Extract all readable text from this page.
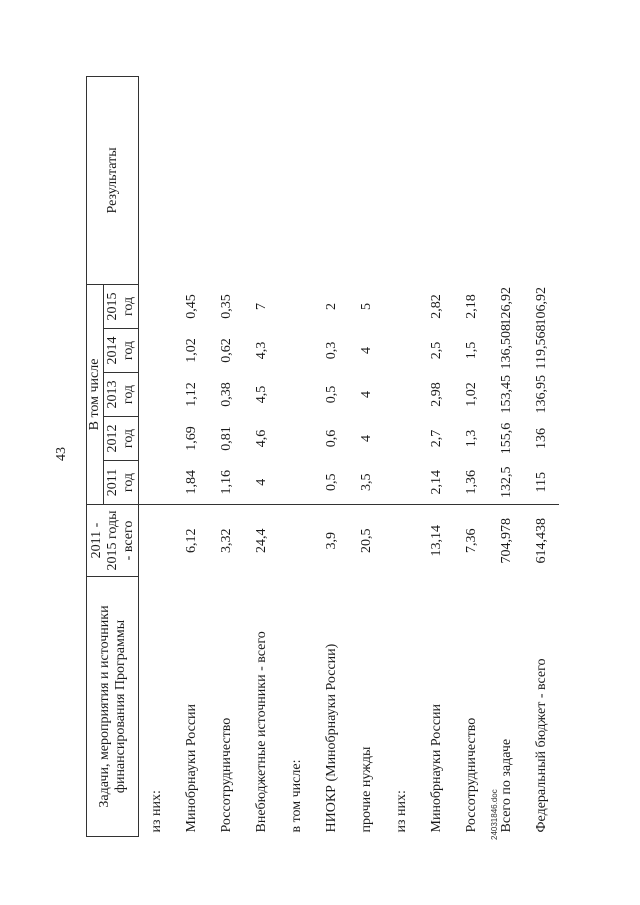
43
Задачи, мероприятия и источники финансирования Программы	2011 - 2015 годы - всего	В том числе					Результаты
		2011 год	2012 год	2013 год	2014 год	2015 год	
из них:							
Минобрнауки России	6,12	1,84	1,69	1,12	1,02	0,45	
Россотрудничество	3,32	1,16	0,81	0,38	0,62	0,35	
Внебюджетные источники - всего	24,4	4	4,6	4,5	4,3	7	
в том числе:							
НИОКР (Минобрнауки России)	3,9	0,5	0,6	0,5	0,3	2	
прочие нужды	20,5	3,5	4	4	4	5	
из них:							
Минобрнауки России	13,14	2,14	2,7	2,98	2,5	2,82	
Россотрудничество	7,36	1,36	1,3	1,02	1,5	2,18	
Всего по задаче	704,978	132,5	155,6	153,45	136,508	126,92	
Федеральный бюджет - всего	614,438	115	136	136,95	119,568	106,92	
24031846.doc
